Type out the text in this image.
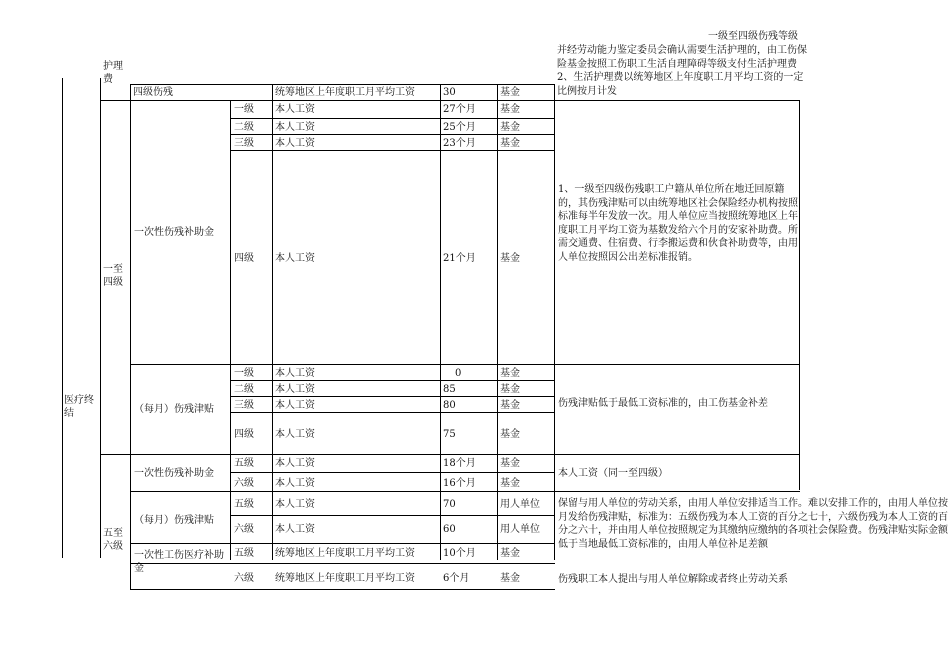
一级至四级伤残等级
并经劳动能力鉴定委员会确认需要生活护理的，由工伤保险基金按照工伤职工生活自理障碍等级支付生活护理费 2、生活护理费以统筹地区上年度职工月平均工资的一定比例按月计发
护理费
四级伤残	统筹地区上年度职工月平均工资	30	基金
医疗终结
一至四级
一次性伤残补助金
一级 本人工资	27个月 基金
二级 本人工资	25个月 基金
三级 本人工资	23个月 基金
四级 本人工资	21个月 基金
1、一级至四级伤残职工户籍从单位所在地迁回原籍的，其伤残津贴可以由统筹地区社会保险经办机构按照标准每半年发放一次。用人单位应当按照统筹地区上年度职工月平均工资为基数发给六个月的安家补助费。所需交通费、住宿费、行李搬运费和伙食补助费等，由用人单位按照因公出差标准报销。
（每月）伤残津贴
一级 本人工资	0	基金
二级 本人工资	85	基金
三级 本人工资	80	基金
四级 本人工资	75	基金
伤残津贴低于最低工资标准的，由工伤基金补差
五至六级
一次性伤残补助金
五级 本人工资	18个月 基金
六级 本人工资	16个月 基金
本人工资（同一至四级）
（每月）伤残津贴
五级 本人工资	70	用人单位
六级 本人工资	60	用人单位
保留与用人单位的劳动关系，由用人单位安排适当工作。难以安排工作的，由用人单位按月发给伤残津贴，标准为：五级伤残为本人工资的百分之七十，六级伤残为本人工资的百分之六十，并由用人单位按照规定为其缴纳应缴纳的各项社会保险费。伤残津贴实际金额低于当地最低工资标准的，由用人单位补足差额
一次性工伤医疗补助金
五级 统筹地区上年度职工月平均工资	10个月 基金
六级 统筹地区上年度职工月平均工资	6个月	基金	伤残职工本人提出与用人单位解除或者终止劳动关系
